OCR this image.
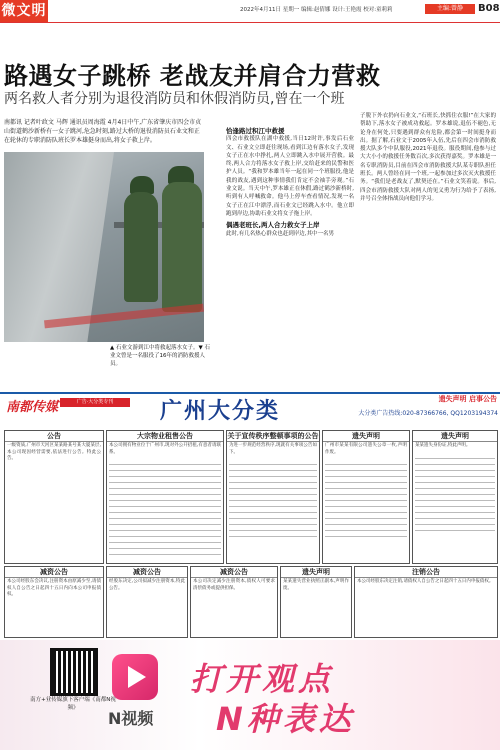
微文明	2022年4月11日 星期一 编辑:赵倩娜 设计:王艳霞 校对:童莉莉	主编:曾静	B08
路遇女子跳桥 老战友并肩合力营救
两名救人者分别为退役消防员和休假消防员,曾在一个班
南都讯 记者叶政文 马辉 通讯员周海霞 4月4日中午,广东省肇庆市四会市贞山街道鹤沙新桥有一女子跳河,危急时刻,路过大桥的退役消防员石业文和正在轮休的专职消防队班长罗本雄挺身而出,将女子救上岸。
▲ 石业文游到江中将救起落水女子。▼ 石业文曾是一名服役了16年的消防救援人员。
恰逢路过积江中救援
四会市救援队在湖中救援,当日12时许,事发后石业文、石业文立即赶往现场,看到江边有落水女子,发现女子正在水中挣扎,两人立即跳入水中展开营救。最终,两人合力将落水女子救上岸,交给赶来的民警和医护人员。“我和罗本雄当年一起在同一个班服役,他是我的战友,遇到这种事情我们肯定不会袖手旁观。”石业文说。当天中午,罗本雄正在休假,路过鹤沙新桥时,听到有人呼喊救命。他马上停车查看情况,发现一名女子正在江中漂浮,而石业文已经跳入水中。他立即跑到岸边,协助石业文将女子拖上岸。
偶遇老班长,两人合力救女子上岸
此时,有几名热心群众也赶到岸边,其中一名男
子脱下外衣扔向石业文,“石班长,快抓住衣服!”在大家的帮助下,落水女子被成功救起。罗本雄说,退伍不褪色,无论身在何处,只要遇到群众有危险,都会第一时间挺身而出。据了解,石业文于2005年入伍,先后在四会市消防救援大队多个中队服役,2021年退役。服役期间,他参与过大大小小的救援任务数百次,多次获得嘉奖。罗本雄是一名专职消防员,目前在四会市消防救援大队某专职队担任班长。两人曾经在同一个班,一起参加过多次灭火救援任务。“我们是老战友了,默契还在。”石业文笑着说。事后,四会市消防救援大队对两人的见义勇为行为给予了表扬,并号召全体指战员向他们学习。
南都传媒	广告·大分类专刊	广州大分类	遗失声明 启事公告
大分类广告热线:020-87366766, QQ1203194374
公告
一级资质,广州市天河区某某路某号某大厦某层,本公司现因经营需要,依法进行公告。特此公告。
大宗物业租售公告
本公司拥有物业位于广州市,现对外公开招租,有意者请联系。
关于宣传秩序整顿事项的公告
为进一步规范经营秩序,现就有关事项公告如下。
遗失声明
广州市某某有限公司遗失公章一枚,声明作废。
遗失声明
某某遗失身份证,特此声明。
减资公告
本公司经股东会决议,注册资本由原减少至,请债权人自公告之日起四十五日内向本公司申报债权。
减资公告
经股东决定,公司拟减少注册资本,特此公告。
减资公告
本公司决定减少注册资本,债权人可要求清偿债务或提供担保。
遗失声明
某某遗失营业执照正副本,声明作废。
注销公告
本公司经股东决定注销,请债权人自公告之日起四十五日内申报债权。
南方+业传媒旗下客户端《南都N视频》
N视频
打开观点
N种表达
